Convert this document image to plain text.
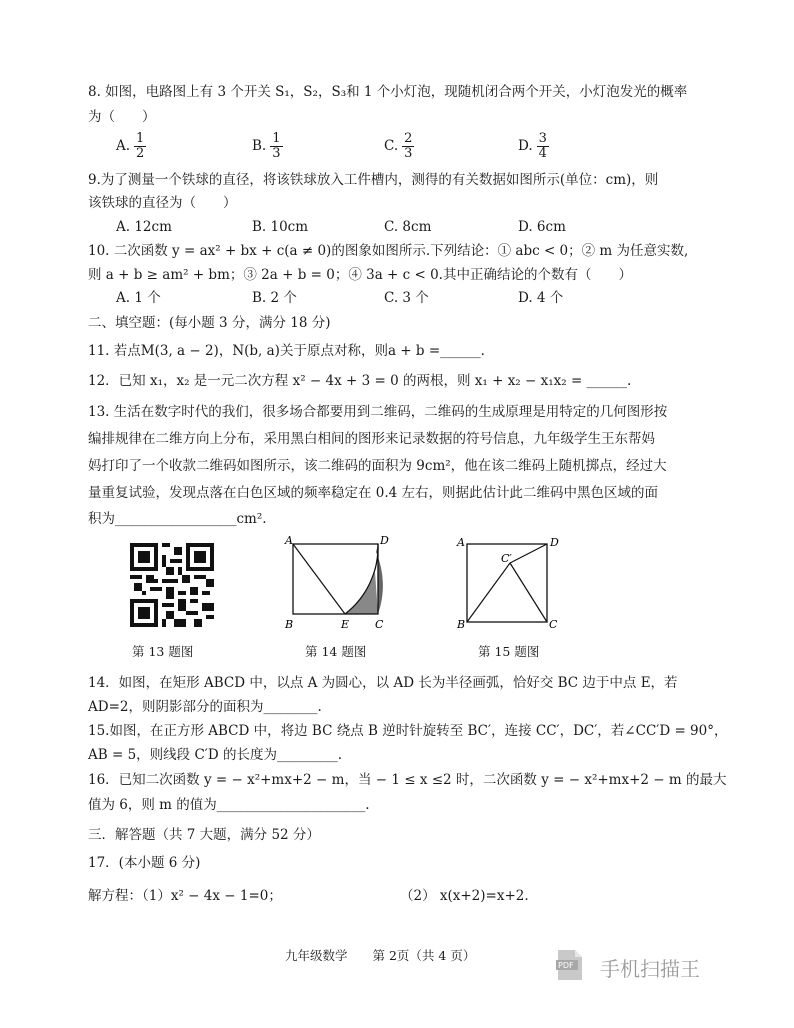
8. 如图，电路图上有 3 个开关 S₁，S₂，S₃和 1 个小灯泡，现随机闭合两个开关，小灯泡发光的概率
为（　　）
A. $\frac{1}{2}$	B. $\frac{1}{3}$	C. $\frac{2}{3}$	D. $\frac{3}{4}$
9.为了测量一个铁球的直径，将该铁球放入工件槽内，测得的有关数据如图所示(单位：cm)，则
该铁球的直径为（　　）
A. 12cm	B. 10cm	C. 8cm	D. 6cm
10. 二次函数 y = ax² + bx + c(a ≠ 0)的图象如图所示.下列结论：① abc < 0；② m 为任意实数,
则 a + b ≥ am² + bm；③ 2a + b = 0；④ 3a + c < 0.其中正确结论的个数有（　　）
A. 1 个	B. 2 个	C. 3 个	D. 4 个
二、填空题：(每小题 3 分，满分 18 分)
11. 若点M(3, a − 2)，N(b, a)关于原点对称，则a + b =______.
12．已知 x₁，x₂ 是一元二次方程 x² − 4x + 3 = 0 的两根，则 x₁ + x₂ − x₁x₂ = ______.
13. 生活在数字时代的我们，很多场合都要用到二维码，二维码的生成原理是用特定的几何图形按
编排规律在二维方向上分布，采用黑白相间的图形来记录数据的符号信息，九年级学生王东帮妈
妈打印了一个收款二维码如图所示，该二维码的面积为 9cm²，他在该二维码上随机掷点，经过大
量重复试验，发现点落在白色区域的频率稳定在 0.4 左右，则据此估计此二维码中黑色区域的面
积为__________________cm².
A	D
B	E C
A	D
C′
B	C
第 13 题图	第 14 题图	第 15 题图
14．如图，在矩形 ABCD 中，以点 A 为圆心，以 AD 长为半径画弧，恰好交 BC 边于中点 E，若
AD=2，则阴影部分的面积为________.
15.如图，在正方形 ABCD 中，将边 BC 绕点 B 逆时针旋转至 BC′，连接 CC′，DC′，若∠CC′D = 90°，
AB = 5，则线段 C′D 的长度为_________.
16．已知二次函数 y = − x²+mx+2 − m，当 − 1 ≤ x ≤2 时，二次函数 y = − x²+mx+2 − m 的最大
值为 6，则 m 的值为______________________.
三．解答题（共 7 大题，满分 52 分）
17．(本小题 6 分)
解方程：（1）x² − 4x − 1=0；	（2） x(x+2)=x+2.
九年级数学　　第 2页（共 4 页）
PDF 手机扫描王
